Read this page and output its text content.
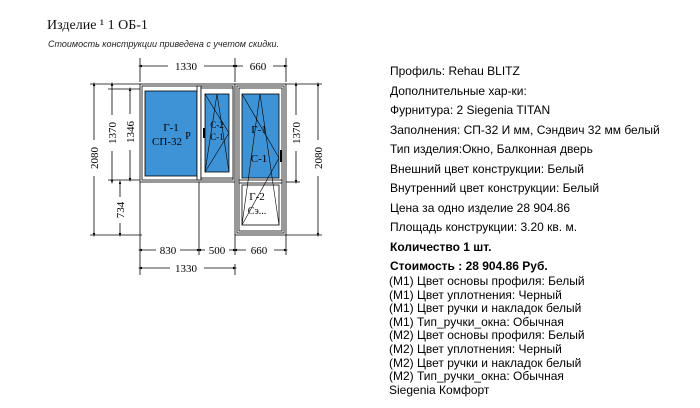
Изделие ¹ 1 ОБ-1
Стоимость конструкции приведена с учетом скидки.
1330	660
2080
1370 1346
734
1370
2080
830	500 660
1330
Г-1
СП-32 Р
С-2
С-1
Г-1
С-1
Г-2
Сэ...
Профиль: Rehau BLITZ
Дополнительные хар-ки:
Фурнитура: 2 Siegenia TITAN
Заполнения: СП-32 И мм, Сэндвич 32 мм белый
Тип изделия:Окно, Балконная дверь
Внешний цвет конструкции: Белый
Внутренний цвет конструкции: Белый
Цена за одно изделие 28 904.86
Площадь конструкции: 3.20 кв. м.
Количество 1 шт.
Стоимость : 28 904.86 Руб.
(М1) Цвет основы профиля: Белый
(М1) Цвет уплотнения: Черный
(М1) Цвет ручки и накладок белый
(М1) Тип_ручки_окна: Обычная
(М2) Цвет основы профиля: Белый
(М2) Цвет уплотнения: Черный
(М2) Цвет ручки и накладок белый
(М2) Тип_ручки_окна: Обычная
Siegenia Комфорт
